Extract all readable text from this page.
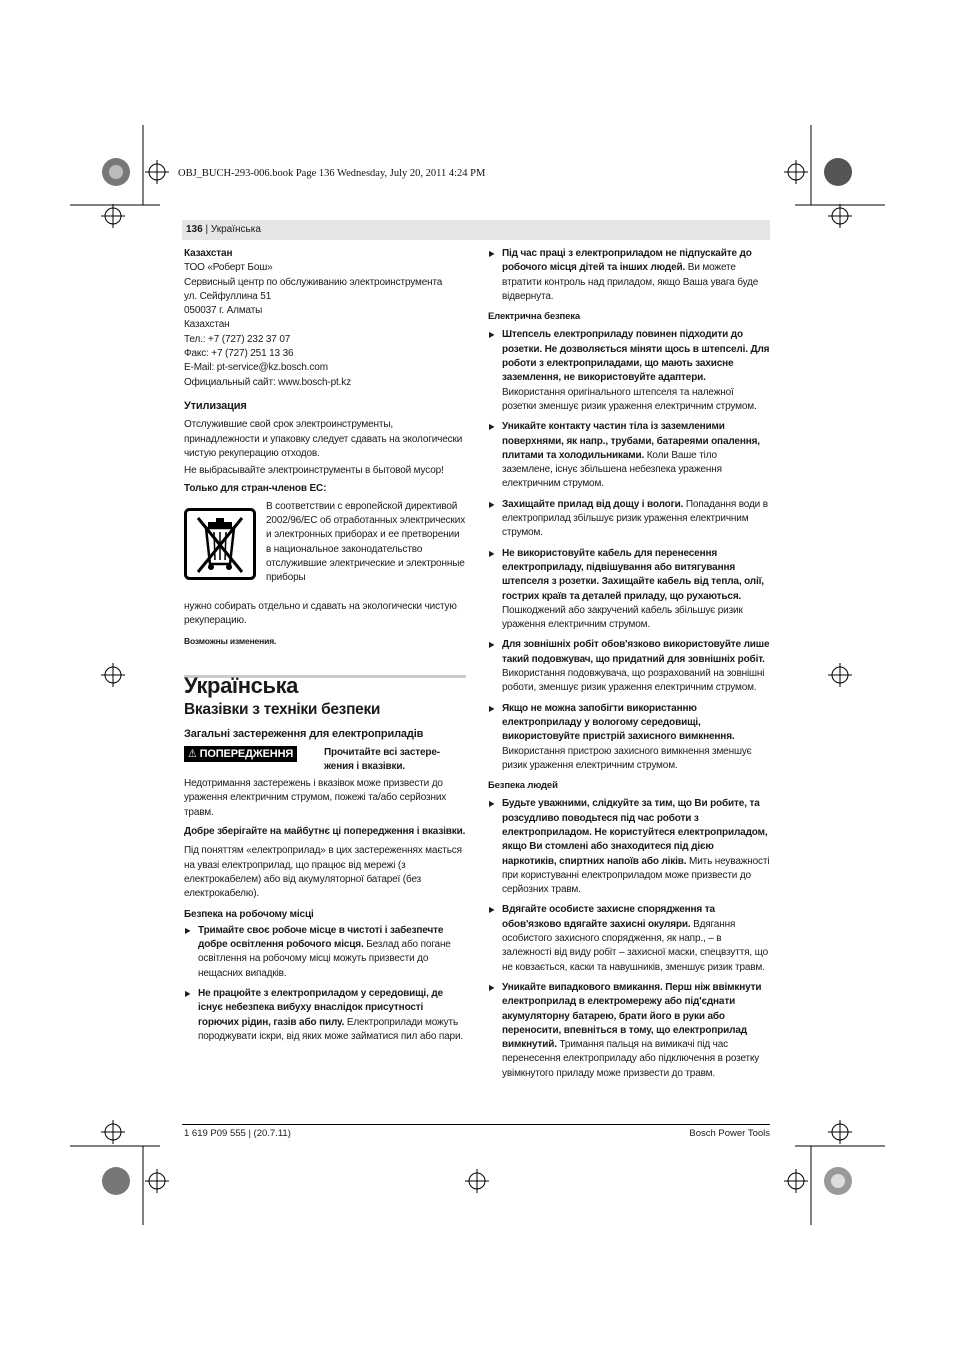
OBJ_BUCH-293-006.book Page 136 Wednesday, July 20, 2011 4:24 PM
136 | Українська

Казахстан

ТОО «Роберт Бош»

Сервисный центр по обслуживанию электроинструмента

ул. Сейфуллина 51

050037 г. Алматы

Казахстан

Тел.: +7 (727) 232 37 07

Факс: +7 (727) 251 13 36

E-Mail: pt-service@kz.bosch.com

Официальный сайт: www.bosch-pt.kz

Утилизация

Отслужившие свой срок электроинструменты, принадлежности и упаковку следует сдавать на экологически чистую рекуперацию отходов.

Не выбрасывайте электроинструменты в бытовой мусор!

Только для стран-членов ЕС:

В соответствии с европейской директивой 2002/96/ЕС об отработанных электрических и электронных приборах и ее претворении в национальное законодательство отслужившие электрические и электронные приборы

нужно собирать отдельно и сдавать на экологически чистую рекуперацию.

Возможны изменения.

Українська
Вказівки з техніки безпеки
Загальні застереження для електроприладів
⚠ ПОПЕРЕДЖЕННЯ	Прочитайте всі застере-жения і вказівки.

Недотримання застережень і вказівок може призвести до ураження електричним струмом, пожежі та/або серйозних травм.

Добре зберігайте на майбутнє ці попередження і вказівки.

Під поняттям «електроприлад» в цих застереженнях мається на увазі електроприлад, що працює від мережі (з електрокабелем) або від акумуляторної батареї (без електрокабелю).

Безпека на робочому місці

▶ Тримайте своє робоче місце в чистоті і забезпечте добре освітлення робочого місця. Безлад або погане освітлення на робочому місці можуть призвести до нещасних випадків.
▶ Не працюйте з електроприладом у середовищі, де існує небезпека вибуху внаслідок присутності горючих рідин, газів або пилу. Електроприлади можуть породжувати іскри, від яких може займатися пил або пари.
▶ Під час праці з електроприладом не підпускайте до робочого місця дітей та інших людей. Ви можете втратити контроль над приладом, якщо Ваша увага буде відвернута.

Електрична безпека

▶ Штепсель електроприладу повинен підходити до розетки. Не дозволяється міняти щось в штепселі. Для роботи з електроприладами, що мають захисне заземлення, не використовуйте адаптери. Використання оригінального штепселя та належної розетки зменшує ризик ураження електричним струмом.
▶ Уникайте контакту частин тіла із заземленими поверхнями, як напр., трубами, батареями опалення, плитами та холодильниками. Коли Ваше тіло заземлене, існує збільшена небезпека ураження електричним струмом.
▶ Захищайте прилад від дощу і вологи. Попадання води в електроприлад збільшує ризик ураження електричним струмом.
▶ Не використовуйте кабель для перенесення електроприладу, підвішування або витягування штепселя з розетки. Захищайте кабель від тепла, олії, гострих країв та деталей приладу, що рухаються. Пошкоджений або закручений кабель збільшує ризик ураження електричним струмом.
▶ Для зовнішніх робіт обов'язково використовуйте лише такий подовжувач, що придатний для зовнішніх робіт. Використання подовжувача, що розрахований на зовнішні роботи, зменшує ризик ураження електричним струмом.
▶ Якщо не можна запобігти використанню електроприладу у вологому середовищі, використовуйте пристрій захисного вимкнення. Використання пристрою захисного вимкнення зменшує ризик ураження електричним струмом.

Безпека людей

▶ Будьте уважними, слідкуйте за тим, що Ви робите, та розсудливо поводьтеся під час роботи з електроприладом. Не користуйтеся електроприладом, якщо Ви стомлені або знаходитеся під дією наркотиків, спиртних напоїв або ліків. Мить неуважності при користуванні електроприладом може призвести до серйозних травм.
▶ Вдягайте особисте захисне спорядження та обов'язково вдягайте захисні окуляри. Вдягання особистого захисного спорядження, як напр., – в залежності від виду робіт – захисної маски, спецвзуття, що не ковзається, каски та навушників, зменшує ризик травм.
▶ Уникайте випадкового вмикання. Перш ніж ввімкнути електроприлад в електромережу або під'єднати акумуляторну батарею, брати його в руки або переносити, впевніться в тому, що електроприлад вимкнутий. Тримання пальця на вимикачі під час перенесення електроприладу або підключення в розетку увімкнутого приладу може призвести до травм.
1 619 P09 555 | (20.7.11)	Bosch Power Tools
